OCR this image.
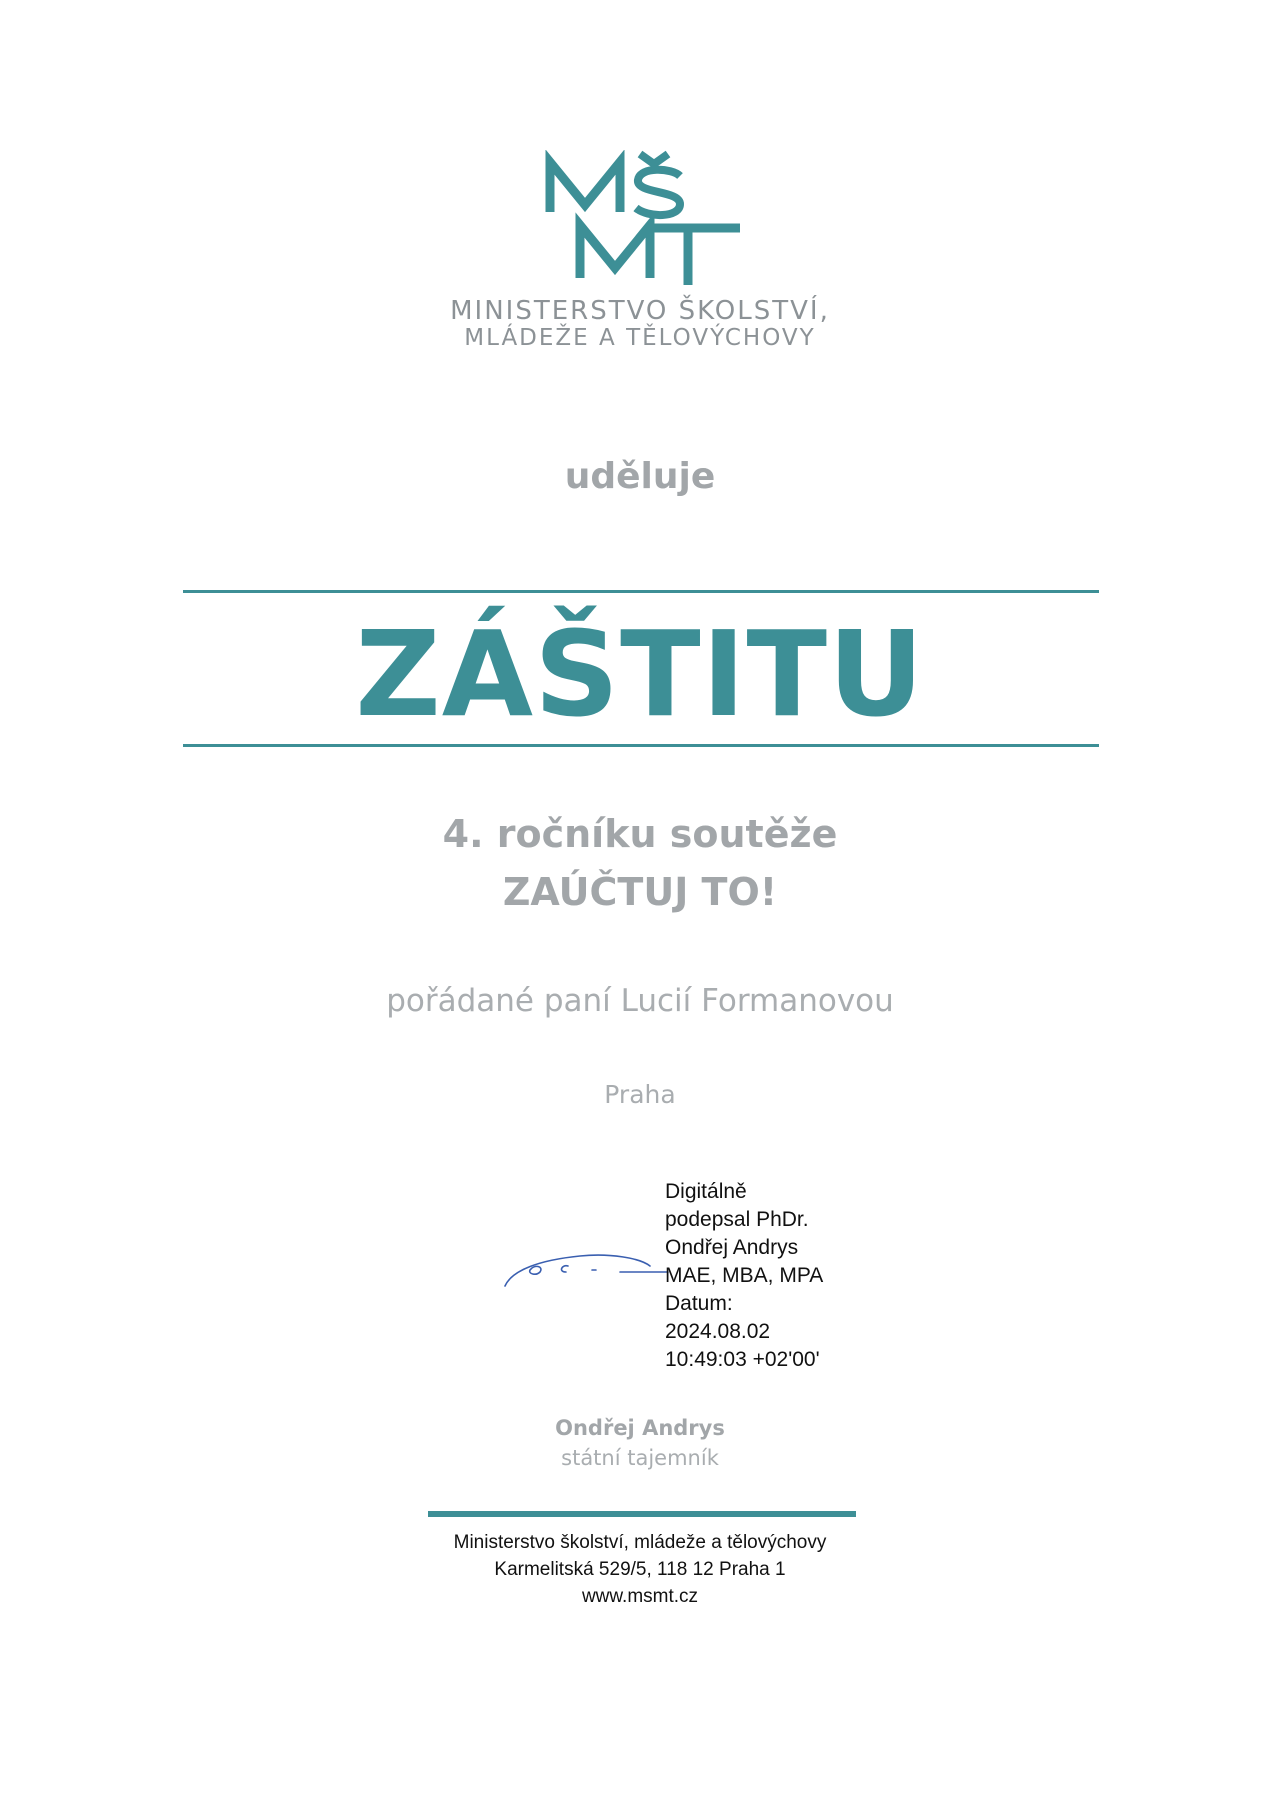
MINISTERSTVO ŠKOLSTVÍ,
MLÁDEŽE A TĚLOVÝCHOVY
uděluje
ZÁŠTITU
4. ročníku soutěže
ZAÚČTUJ TO!
pořádané paní Lucií Formanovou
Praha
Digitálně
podepsal PhDr.
Ondřej Andrys
MAE, MBA, MPA
Datum:
2024.08.02
10:49:03 +02'00'
Ondřej Andrys
státní tajemník
Ministerstvo školství, mládeže a tělovýchovy
Karmelitská 529/5, 118 12 Praha 1
www.msmt.cz
